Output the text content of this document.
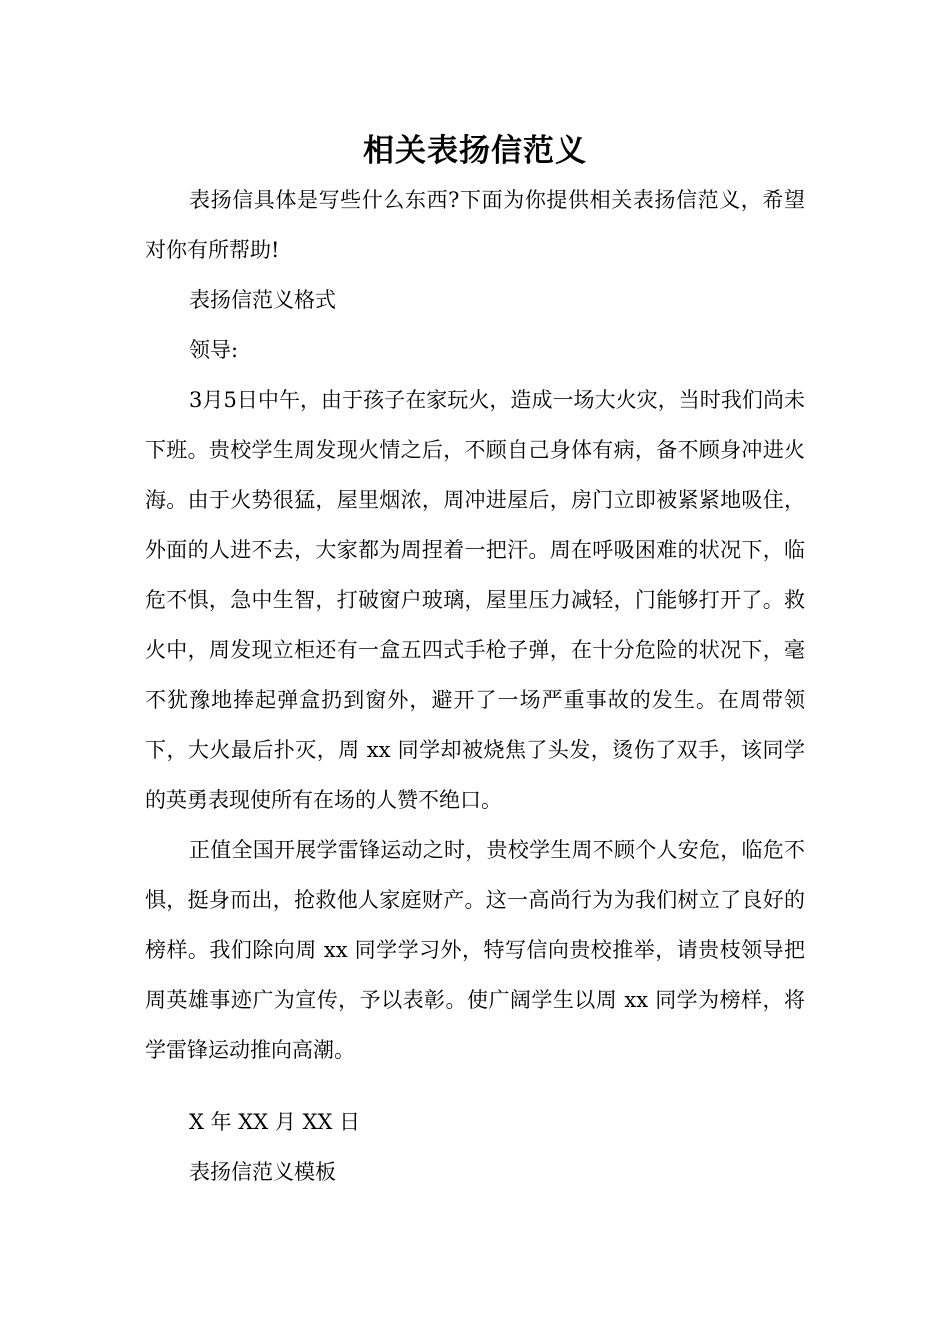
相关表扬信范义
表扬信具体是写些什么东西?下面为你提供相关表扬信范义，希望对你有所帮助!
表扬信范义格式
领导:
3月5日中午，由于孩子在家玩火，造成一场大火灾，当时我们尚未下班。贵校学生周发现火情之后，不顾自己身体有病，备不顾身冲进火海。由于火势很猛，屋里烟浓，周冲进屋后，房门立即被紧紧地吸住，外面的人进不去，大家都为周捏着一把汗。周在呼吸困难的状况下，临危不惧，急中生智，打破窗户玻璃，屋里压力减轻，门能够打开了。救火中，周发现立柜还有一盒五四式手枪子弹，在十分危险的状况下，毫不犹豫地捧起弹盒扔到窗外，避开了一场严重事故的发生。在周带领下，大火最后扑灭，周 xx 同学却被烧焦了头发，烫伤了双手，该同学的英勇表现使所有在场的人赞不绝口。
正值全国开展学雷锋运动之时，贵校学生周不顾个人安危，临危不惧，挺身而出，抢救他人家庭财产。这一高尚行为为我们树立了良好的榜样。我们除向周 xx 同学学习外，特写信向贵校推举，请贵枝领导把周英雄事迹广为宣传，予以表彰。使广阔学生以周 xx 同学为榜样，将学雷锋运动推向高潮。
X 年 XX 月 XX 日
表扬信范义模板
